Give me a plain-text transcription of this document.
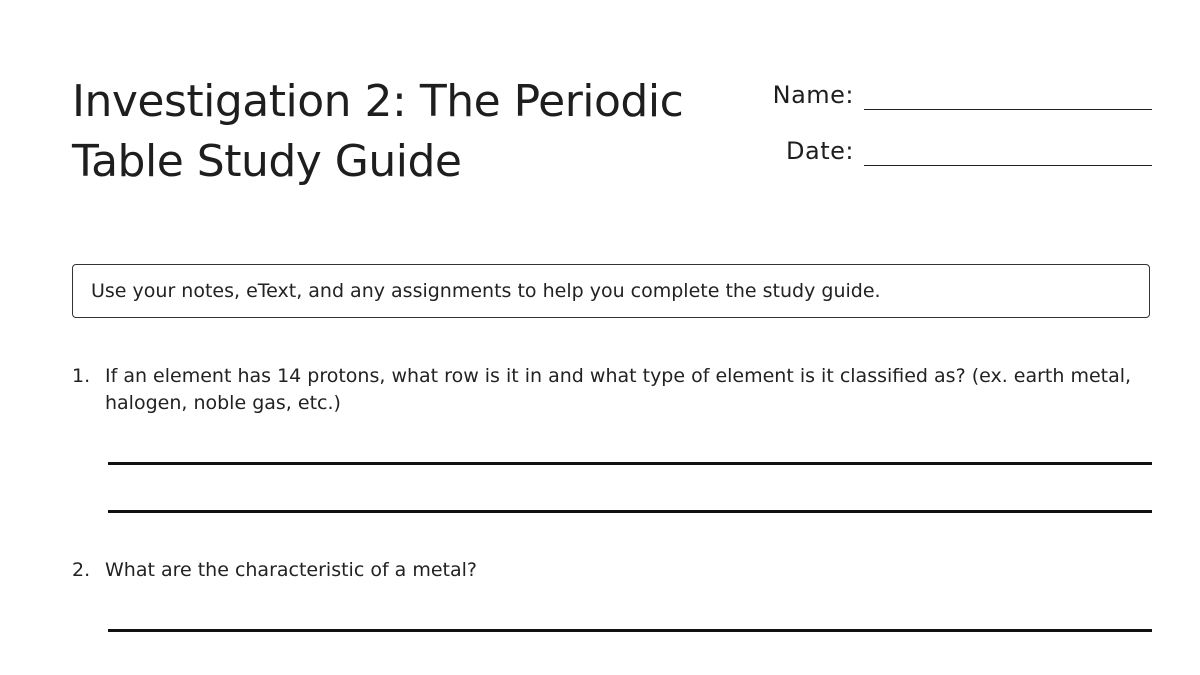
Investigation 2: The Periodic Table Study Guide
Name:
Date:
Use your notes, eText, and any assignments to help you complete the study guide.
1. If an element has 14 protons, what row is it in and what type of element is it classified as? (ex. earth metal, halogen, noble gas, etc.)
2. What are the characteristic of a metal?
